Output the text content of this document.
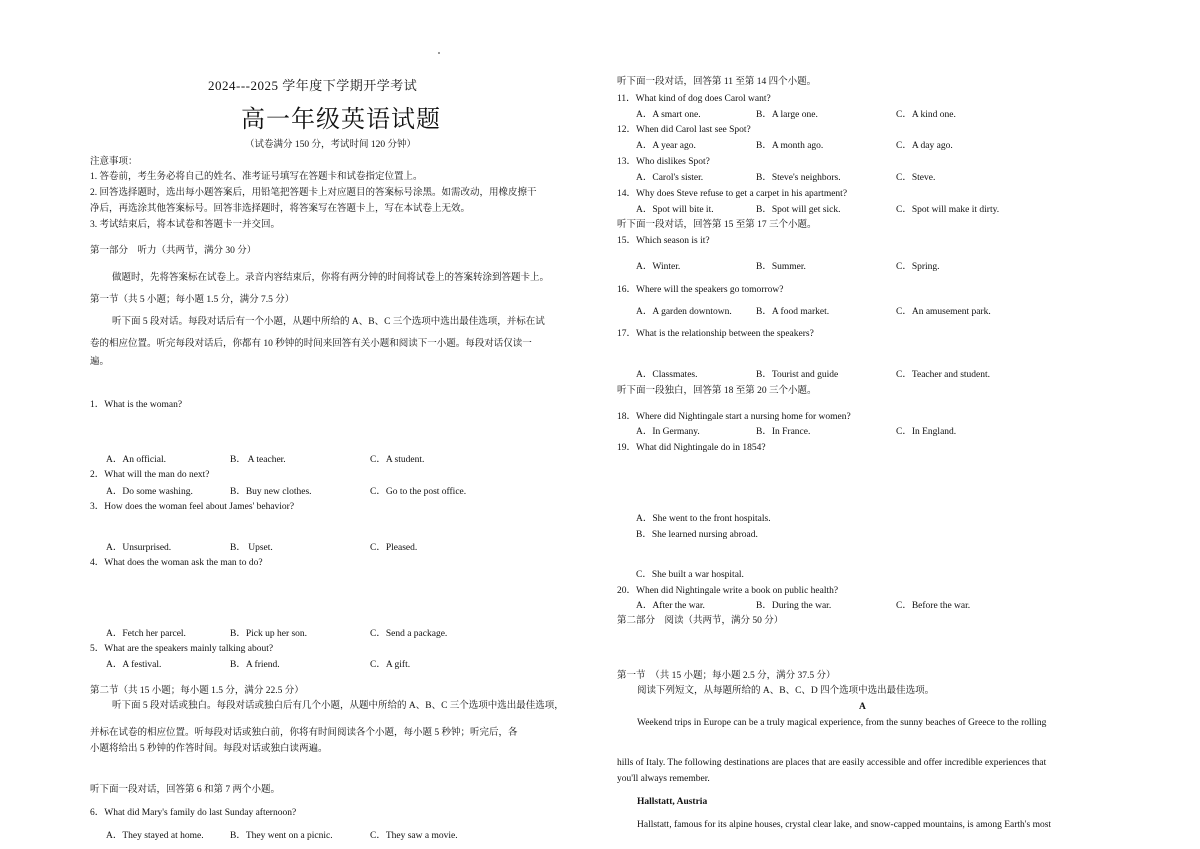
2024---2025 学年度下学期开学考试
高一年级英语试题
（试卷满分 150 分，考试时间 120 分钟）
注意事项：
1. 答卷前，考生务必将自己的姓名、准考证号填写在答题卡和试卷指定位置上。
2. 回答选择题时，选出每小题答案后，用铅笔把答题卡上对应题目的答案标号涂黑。如需改动，用橡皮擦干
净后，再选涂其他答案标号。回答非选择题时，将答案写在答题卡上，写在本试卷上无效。
3. 考试结束后，将本试卷和答题卡一并交回。
第一部分　听力（共两节，满分 30 分）
做题时，先将答案标在试卷上。录音内容结束后，你将有两分钟的时间将试卷上的答案转涂到答题卡上。
第一节（共 5 小题；每小题 1.5 分，满分 7.5 分）
听下面 5 段对话。每段对话后有一个小题，从题中所给的 A、B、C 三个选项中选出最佳选项，并标在试
卷的相应位置。听完每段对话后，你都有 10 秒钟的时间来回答有关小题和阅读下一小题。每段对话仅读一
遍。
1．What is the woman?
A．An official.	B． A teacher.	C．A student.
2．What will the man do next?
A．Do some washing.	B．Buy new clothes.	C．Go to the post office.
3．How does the woman feel about James' behavior?
A．Unsurprised.	B． Upset.	C．Pleased.
4．What does the woman ask the man to do?
A．Fetch her parcel.	B．Pick up her son.	C．Send a package.
5．What are the speakers mainly talking about?
A．A festival.	B．A friend.	C．A gift.
第二节（共 15 小题；每小题 1.5 分，满分 22.5 分）
听下面 5 段对话或独白。每段对话或独白后有几个小题，从题中所给的 A、B、C 三个选项中选出最佳选项，
并标在试卷的相应位置。听每段对话或独白前，你将有时间阅读各个小题，每小题 5 秒钟；听完后，各
小题将给出 5 秒钟的作答时间。每段对话或独白读两遍。
听下面一段对话，回答第 6 和第 7 两个小题。
6．What did Mary's family do last Sunday afternoon?
A．They stayed at home.	B．They went on a picnic.	C．They saw a movie.
听下面一段对话，回答第 11 至第 14 四个小题。
11．What kind of dog does Carol want?
A．A smart one.	B．A large one.	C．A kind one.
12．When did Carol last see Spot?
A．A year ago.	B．A month ago.	C．A day ago.
13．Who dislikes Spot?
A．Carol's sister.	B．Steve's neighbors.	C．Steve.
14．Why does Steve refuse to get a carpet in his apartment?
A．Spot will bite it.	B．Spot will get sick.	C．Spot will make it dirty.
听下面一段对话，回答第 15 至第 17 三个小题。
15．Which season is it?
A．Winter.	B．Summer.	C．Spring.
16．Where will the speakers go tomorrow?
A．A garden downtown.	B．A food market.	C．An amusement park.
17．What is the relationship between the speakers?
A．Classmates.	B．Tourist and guide	C．Teacher and student.
听下面一段独白，回答第 18 至第 20 三个小题。
18．Where did Nightingale start a nursing home for women?
A．In Germany.	B．In France.	C．In England.
19．What did Nightingale do in 1854?
A．She went to the front hospitals.
B．She learned nursing abroad.
C．She built a war hospital.
20．When did Nightingale write a book on public health?
A．After the war.	B．During the war.	C．Before the war.
第二部分　阅读（共两节，满分 50 分）
第一节　（共 15 小题；每小题 2.5 分，满分 37.5 分）
阅读下列短文，从每题所给的 A、B、C、D 四个选项中选出最佳选项。
A
Weekend trips in Europe can be a truly magical experience, from the sunny beaches of Greece to the rolling
hills of Italy. The following destinations are places that are easily accessible and offer incredible experiences that
you'll always remember.
Hallstatt, Austria
Hallstatt, famous for its alpine houses, crystal clear lake, and snow-capped mountains, is among Earth's most
